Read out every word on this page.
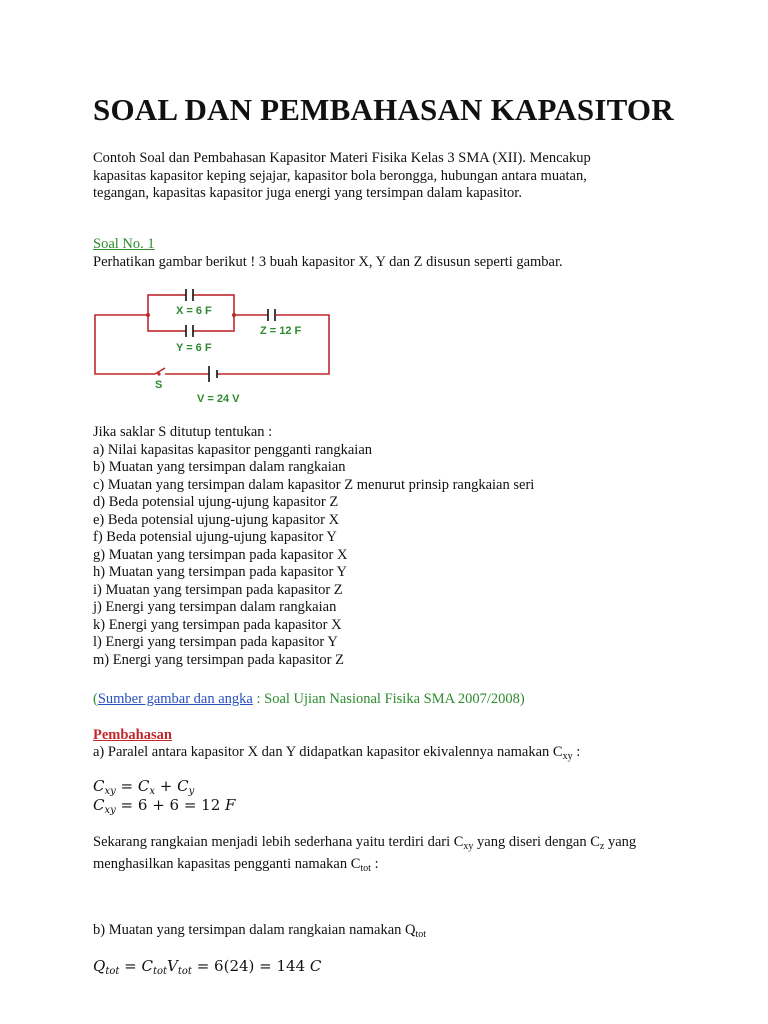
SOAL DAN PEMBAHASAN KAPASITOR
Contoh Soal dan Pembahasan Kapasitor Materi Fisika Kelas 3 SMA (XII). Mencakup
kapasitas kapasitor keping sejajar, kapasitor bola berongga, hubungan antara muatan,
tegangan, kapasitas kapasitor juga energi yang tersimpan dalam kapasitor.
Soal No. 1
Perhatikan gambar berikut ! 3 buah kapasitor X, Y dan Z disusun seperti gambar.
X = 6 F
Y = 6 F
Z = 12 F
S
V = 24 V
Jika saklar S ditutup tentukan :
a) Nilai kapasitas kapasitor pengganti rangkaian
b) Muatan yang tersimpan dalam rangkaian
c) Muatan yang tersimpan dalam kapasitor Z menurut prinsip rangkaian seri
d) Beda potensial ujung-ujung kapasitor Z
e) Beda potensial ujung-ujung kapasitor X
f) Beda potensial ujung-ujung kapasitor Y
g) Muatan yang tersimpan pada kapasitor X
h) Muatan yang tersimpan pada kapasitor Y
i) Muatan yang tersimpan pada kapasitor Z
j) Energi yang tersimpan dalam rangkaian
k) Energi yang tersimpan pada kapasitor X
l) Energi yang tersimpan pada kapasitor Y
m) Energi yang tersimpan pada kapasitor Z
(Sumber gambar dan angka : Soal Ujian Nasional Fisika SMA 2007/2008)
Pembahasan
a) Paralel antara kapasitor X dan Y didapatkan kapasitor ekivalennya namakan $C_{xy}$ :
$C_{xy} = C_x + C_y$
$C_{xy} = 6 + 6 = 12$ F
Sekarang rangkaian menjadi lebih sederhana yaitu terdiri dari $C_{xy}$ yang diseri dengan $C_z$ yang
menghasilkan kapasitas pengganti namakan $C_{tot}$ :
b) Muatan yang tersimpan dalam rangkaian namakan $Q_{tot}$
$Q_{tot} = C_{tot}V_{tot} = 6(24) = 144$ C
